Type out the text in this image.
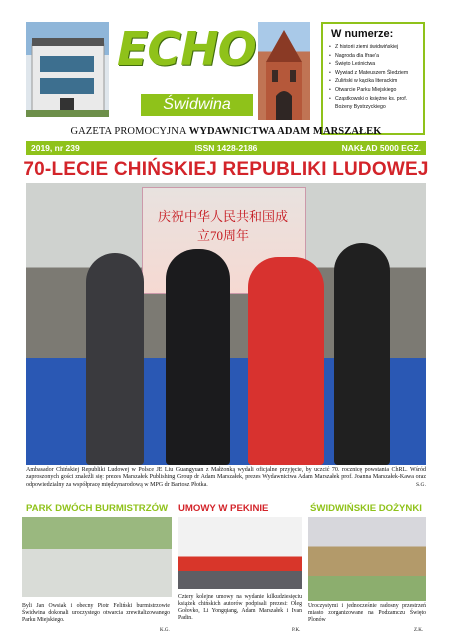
ECHO
Świdwina
W numerze:
• Z historii ziemi świdwińskiej
• Nagroda dla Ifrae'a
• Święto Leśnictwa
• Wywiad z Mateuszem Śledziem
• Zuliński w kącika literackim
• Otwarcie Parku Miejskiego
• Cząstkowski o księżne ks. prof. Bożeny Bystrzyckiego
GAZETA PROMOCYJNA WYDAWNICTWA ADAM MARSZAŁEK
2019, nr 239	ISSN 1428-2186	NAKŁAD 5000 EGZ.
70-LECIE CHIŃSKIEJ REPUBLIKI LUDOWEJ
庆祝中华人民共和国成立70周年
Ambasador Chińskiej Republiki Ludowej w Polsce JE Liu Guangyuan z Małżonką wydali oficjalne przyjęcie, by uczcić 70. rocznicę powstania ChRL. Wśród zaproszonych gości znaleźli się: prezes Marszałek Publishing Group dr Adam Marszałek, prezes Wydawnictwa Adam Marszałek prof. Joanna Marszałek-Kawa oraz odpowiedzialny za współpracę międzynarodową w MPG dr Bartosz Płotka.	S.G.
PARK DWÓCH BURMISTRZÓW UMOWY W PEKINIE	ŚWIDWIŃSKIE DOŻYNKI
Byli Jan Owsiak i obecny Piotr Feliński burmistrzowie Świdwina dokonali uroczystego otwarcia zrewitalizowanego Parku Miejskiego.
K.G.
Cztery kolejne umowy na wydanie kilkudziesięciu książek chińskich autorów podpisali prezesi: Oleg Gołovko, Li Yongqiang, Adam Marszałek i Ivan Padin.
P.K.
Uroczystymi i jednocześnie radosny przestrzeń miasto zorganizowane na Podzamczu Święto Plonów
Z.K.
